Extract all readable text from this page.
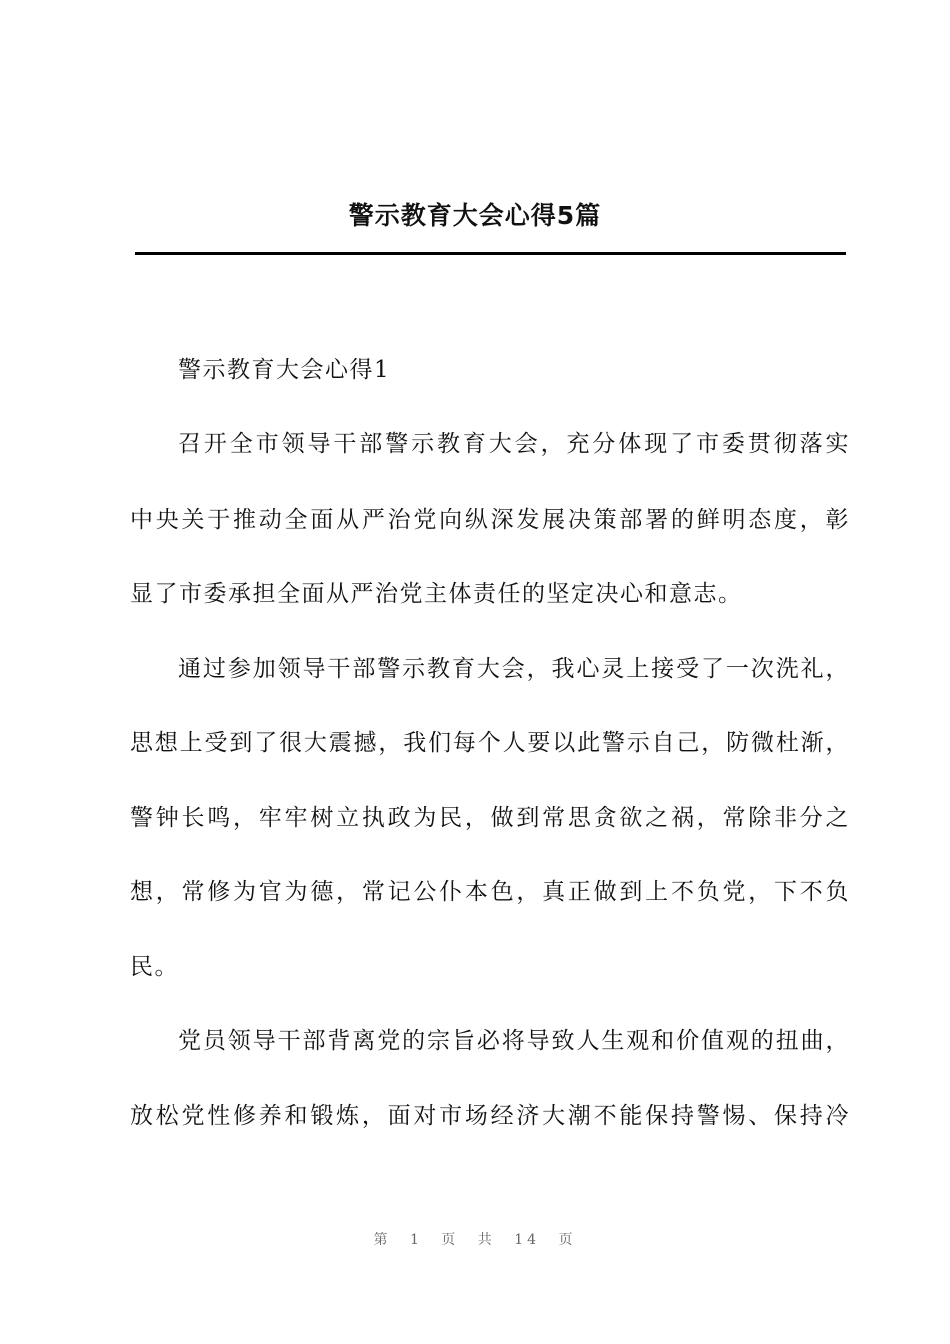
警示教育大会心得5篇
警示教育大会心得1
召开全市领导干部警示教育大会，充分体现了市委贯彻落实
中央关于推动全面从严治党向纵深发展决策部署的鲜明态度，彰
显了市委承担全面从严治党主体责任的坚定决心和意志。
通过参加领导干部警示教育大会，我心灵上接受了一次洗礼，
思想上受到了很大震撼，我们每个人要以此警示自己，防微杜渐，
警钟长鸣，牢牢树立执政为民，做到常思贪欲之祸，常除非分之
想，常修为官为德，常记公仆本色，真正做到上不负党，下不负
民。
党员领导干部背离党的宗旨必将导致人生观和价值观的扭曲，
放松党性修养和锻炼，面对市场经济大潮不能保持警惕、保持冷
第 1 页 共 14 页
